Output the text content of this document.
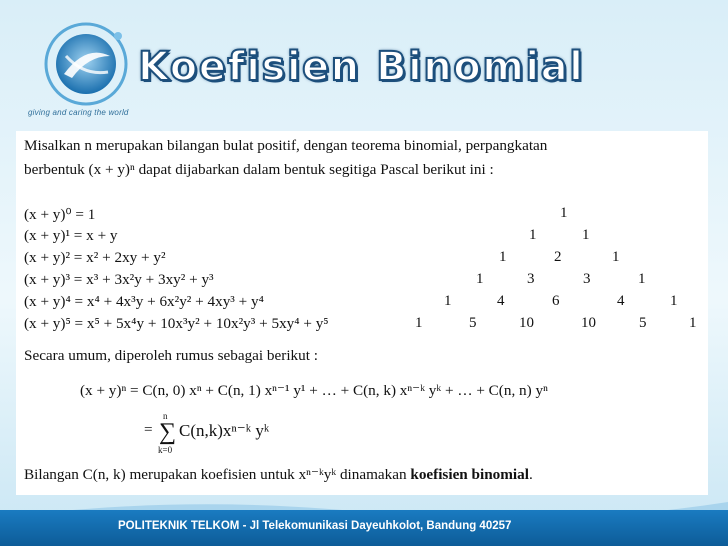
giving and caring the world
Koefisien Binomial
Misalkan n merupakan bilangan bulat positif, dengan teorema binomial, perpangkatan
berbentuk (x + y)ⁿ dapat dijabarkan dalam bentuk segitiga Pascal berikut ini :
(x + y)⁰ = 1
(x + y)¹ = x + y
(x + y)² = x² + 2xy + y²
(x + y)³ = x³ + 3x²y + 3xy² + y³
(x + y)⁴ = x⁴ + 4x³y + 6x²y² + 4xy³ + y⁴
(x + y)⁵ = x⁵ + 5x⁴y + 10x³y² + 10x²y³ + 5xy⁴ + y⁵
1
1	1
1	2	1
1	3	3	1
1	4	6	4	1
1	5	10	10	5	1
Secara umum, diperoleh rumus sebagai berikut :
(x + y)ⁿ = C(n, 0) xⁿ + C(n, 1) xⁿ⁻¹ y¹ + … + C(n, k) xⁿ⁻ᵏ yᵏ + … + C(n, n) yⁿ
=
n
∑
k=0
C(n,k)xⁿ⁻ᵏ yᵏ
Bilangan C(n, k) merupakan koefisien untuk xⁿ⁻ᵏyᵏ dinamakan koefisien binomial.
POLITEKNIK TELKOM - Jl Telekomunikasi Dayeuhkolot, Bandung 40257
